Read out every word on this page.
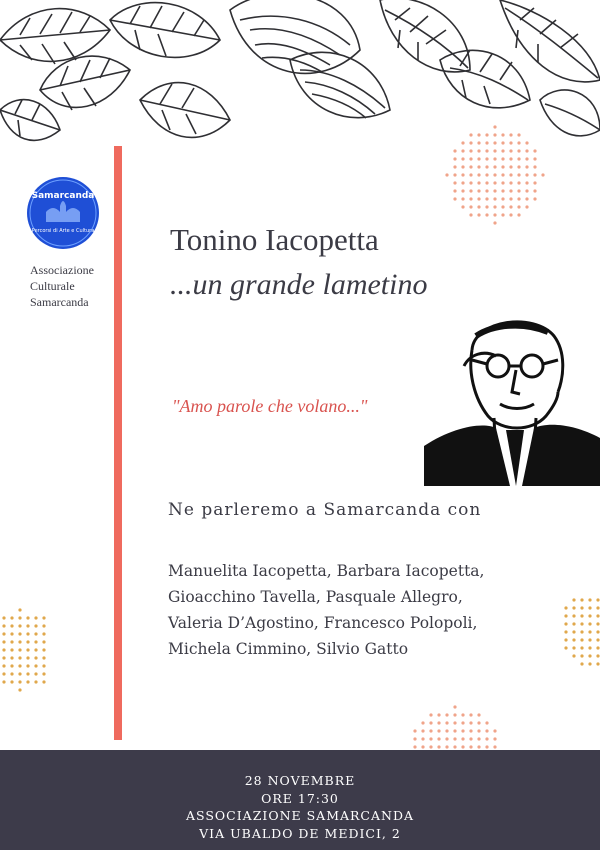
Samarcanda
Percorsi di Arte e Cultura
Associazione
Culturale
Samarcanda
Tonino Iacopetta
...un grande lametino
"Amo parole che volano..."
Ne parleremo a Samarcanda con
Manuelita Iacopetta, Barbara Iacopetta,
Gioacchino Tavella, Pasquale Allegro,
Valeria D’Agostino, Francesco Polopoli,
Michela Cimmino, Silvio Gatto
28 NOVEMBRE
ORE 17:30
ASSOCIAZIONE SAMARCANDA
VIA UBALDO DE MEDICI, 2
